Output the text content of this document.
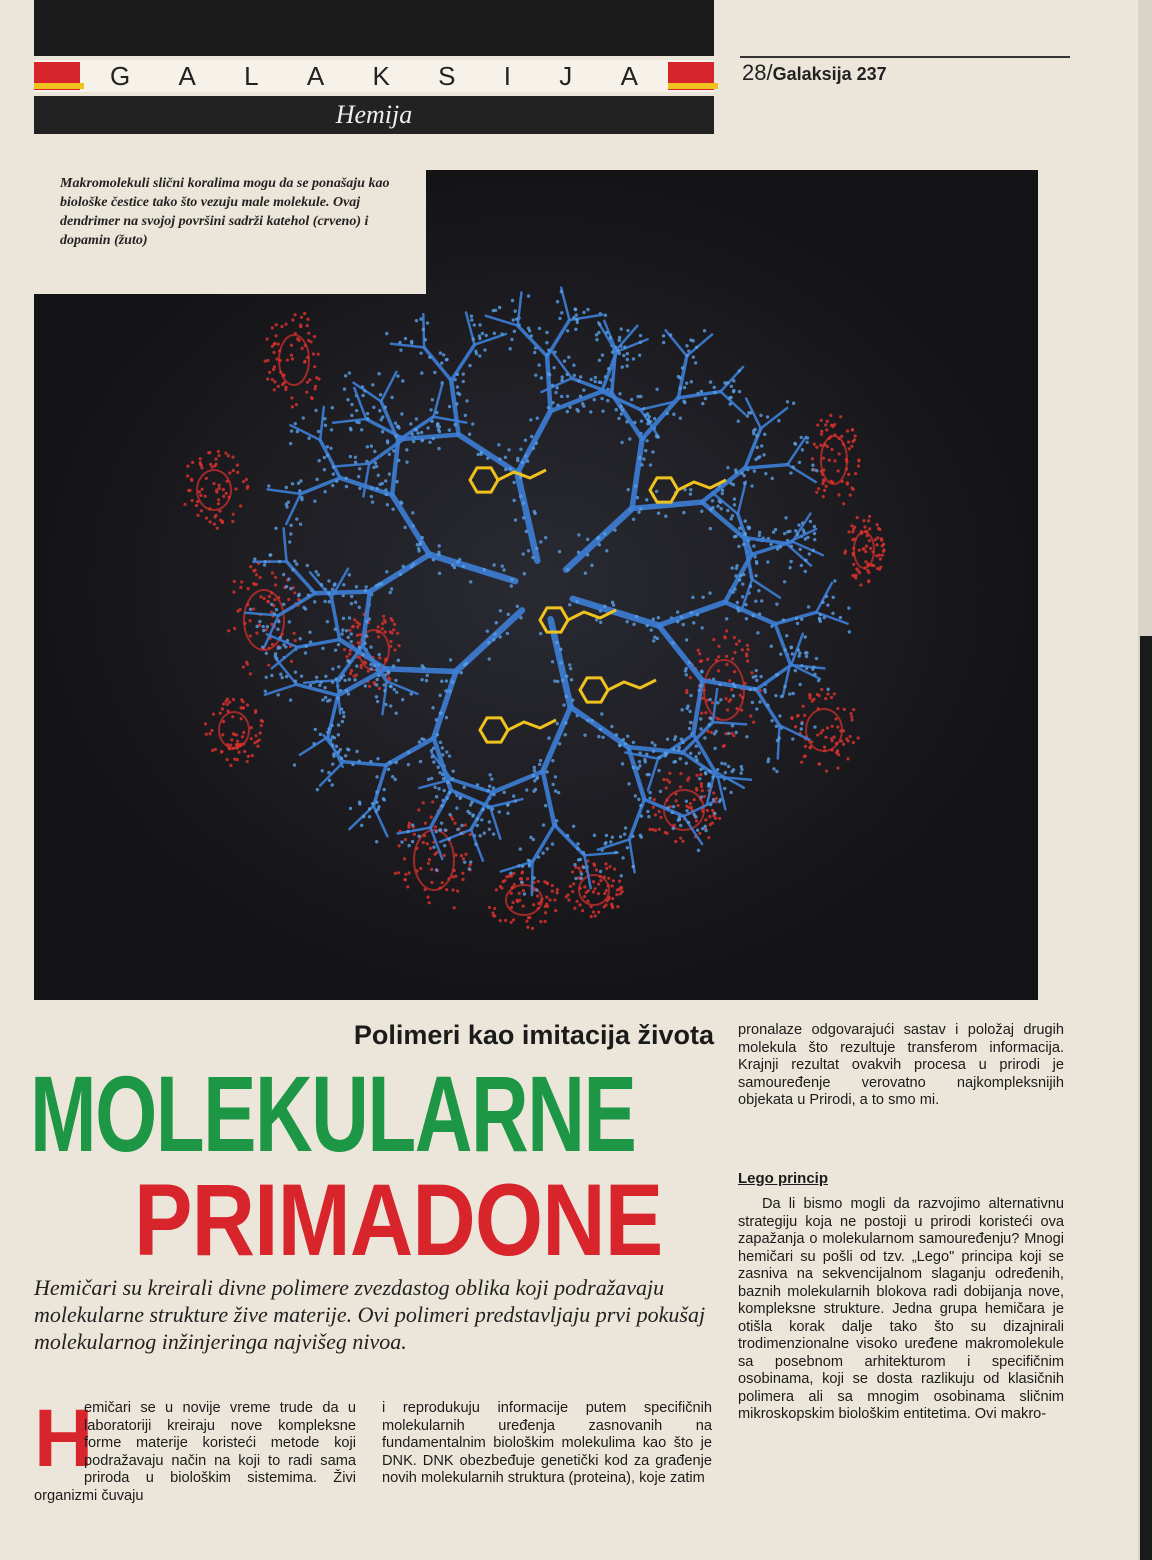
G A L A K S I J A	28/Galaksija 237
Hemija
Makromolekuli slični koralima mogu da se ponašaju kao biološke čestice tako što vezuju male molekule. Ovaj dendrimer na svojoj površini sadrži katehol (crveno) i dopamin (žuto)
Polimeri kao imitacija života
MOLEKULARNE
PRIMADONE
Hemičari su kreirali divne polimere zvezdastog oblika koji podražavaju molekularne strukture žive materije. Ovi polimeri predstavljaju prvi pokušaj molekularnog inžinjeringa najvišeg nivoa.
H
emičari se u novije vreme trude da u laboratoriji kreiraju nove kompleksne forme materije koristeći metode koji podražavaju način na koji to radi sama priroda u biološkim sistemima. Živi organizmi čuvaju
i reprodukuju informacije putem specifičnih molekularnih uređenja zasnovanih na fundamentalnim biološkim molekulima kao što je DNK. DNK obezbeđuje genetički kod za građenje novih molekularnih struktura (proteina), koje zatim
pronalaze odgovarajući sastav i položaj drugih molekula što rezultuje transferom informacija. Krajnji rezultat ovakvih procesa u prirodi je samouređenje verovatno najkompleksnijih objekata u Prirodi, a to smo mi.
Lego princip
Da li bismo mogli da razvojimo alternativnu strategiju koja ne postoji u prirodi koristeći ova zapažanja o molekularnom samouređenju? Mnogi hemičari su pošli od tzv. „Lego" principa koji se zasniva na sekvencijalnom slaganju određenih, baznih molekularnih blokova radi dobijanja nove, kompleksne strukture. Jedna grupa hemičara je otišla korak dalje tako što su dizajnirali trodimenzionalne visoko uređene makromolekule sa posebnom arhitekturom i specifičnim osobinama, koji se dosta razlikuju od klasičnih polimera ali sa mnogim osobinama sličnim mikroskopskim biološkim entitetima. Ovi makro-
